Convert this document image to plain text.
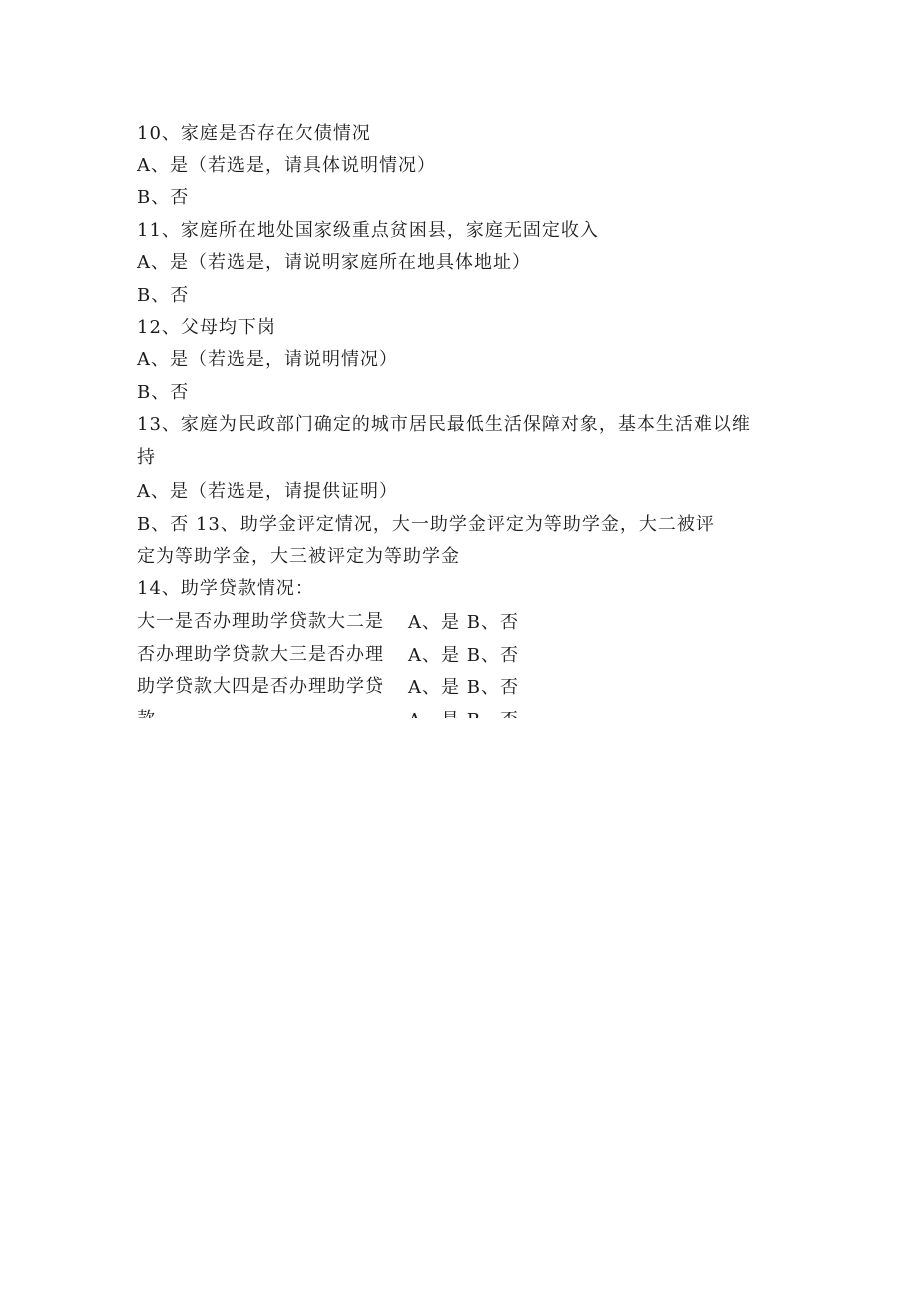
10、家庭是否存在欠债情况
A、是（若选是，请具体说明情况）
B、否
11、家庭所在地处国家级重点贫困县，家庭无固定收入
A、是（若选是，请说明家庭所在地具体地址）
B、否
12、父母均下岗
A、是（若选是，请说明情况）
B、否
13、家庭为民政部门确定的城市居民最低生活保障对象，基本生活难以维
持
A、是（若选是，请提供证明）
B、否 13、助学金评定情况，大一助学金评定为等助学金，大二被评
定为等助学金，大三被评定为等助学金
14、助学贷款情况：
大一是否办理助学贷款大二是否办理助学贷款大三是否办理助学贷款大四是否办理助学贷
A、是 B、否
A、是 B、否
A、是 B、否
